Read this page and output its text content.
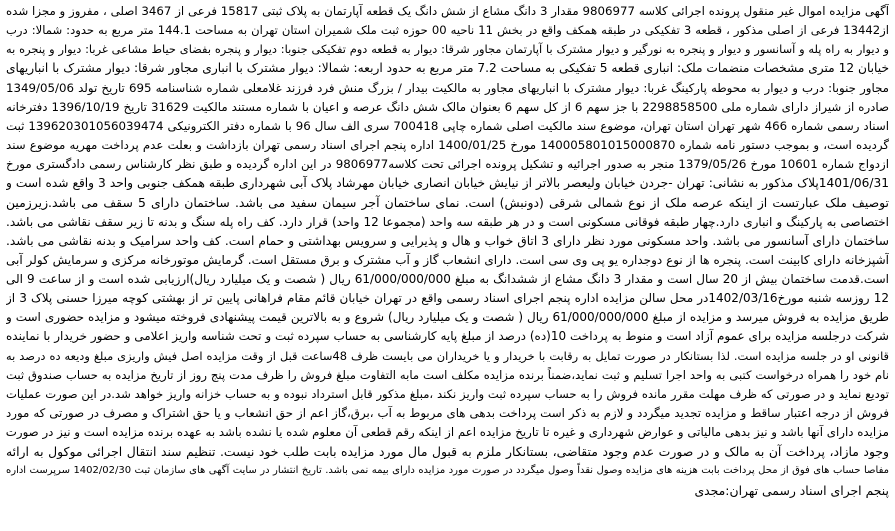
آگهی مزایده اموال غیر منقول پرونده اجرائی کلاسه 9806977 مقدار 3 دانگ مشاع از شش دانگ یک قطعه آپارتمان به پلاک ثبتی 15817 فرعی از 3467 اصلی ، مفروز و مجزا شده
از13442 فرعی از اصلی مذکور ، قطعه 3 تفکیکی در طبقه همکف واقع در بخش 11 ناحیه 00 حوزه ثبت ملک شمیران استان تهران به مساحت 144.1 متر مربع به حدود: شمالا: درب
و دیوار به راه پله و آسانسور و دیوار و پنجره به نورگیر و دیوار مشترک با آپارتمان مجاور شرقا: دیوار به قطعه دوم تفکیکی جنوبا: دیوار و پنجره بفضای حیاط مشاعی غربا: دیوار و پنجره به
خیابان 12 متری مشخصات منضمات ملک: انباری قطعه 5 تفکیکی به مساحت 7.2 متر مربع به حدود اربعه: شمالا: دیوار مشترک با انباری مجاور شرقا: دیوار مشترک با انباریهای
مجاور جنوبا: درب و دیوار به محوطه پارکینگ غربا: دیوار مشترک با انباریهای مجاور به مالکیت بیدار / بزرگ منش فرد فرزند غلامعلی شماره شناسنامه 695 تاریخ تولد 1349/05/06
صادره از شیراز دارای شماره ملی 2298858500 با جز سهم 6 از کل سهم 6 بعنوان مالک شش دانگ عرصه و اعیان با شماره مستند مالکیت 31629 تاریخ 1396/10/19 دفترخانه
اسناد رسمی شماره 466 شهر تهران استان تهران، موضوع سند مالکیت اصلی شماره چاپی 700418 سری الف سال 96 با شماره دفتر الکترونیکی 139620301056039474 ثبت
گردیده است، و بموجب دستور نامه شماره 140005801015000870 مورخ 1400/01/25 اداره پنجم اجرای اسناد رسمی تهران بازداشت و بعلت عدم پرداخت مهریه موضوع سند
ازدواج شماره 10601 مورخ 1379/05/26 منجر به صدور اجرائیه و تشکیل پرونده اجرائی تحت کلاسه9806977 در این اداره گردیده و طبق نظر کارشناس رسمی دادگستری مورخ
1401/06/31پلاک مذکور به نشانی: تهران -جردن خیابان ولیعصر بالاتر از نیایش خیابان انصاری خیابان مهرشاد پلاک آبی شهرداری طبقه همکف جنوبی واحد 3 واقع شده است و
توصیف ملک عبارتست از اینکه عرصه ملک از نوع شمالی شرقی (دونبش) است. نمای ساختمان آجر سیمان سفید می باشد. ساختمان دارای 5 سقف می باشد.زیرزمین
اختصاصی به پارکینگ و انباری دارد.چهار طبقه فوقانی مسکونی است و در هر طبقه سه واحد (مجموعا 12 واحد) قرار دارد. کف راه پله سنگ و بدنه تا زیر سقف نقاشی می باشد.
ساختمان دارای آسانسور می باشد. واحد مسکونی مورد نظر دارای 3 اتاق خواب و هال و پذیرایی و سرویس بهداشتی و حمام است. کف واحد سرامیک و بدنه نقاشی می باشد.
آشپزخانه دارای کابینت است. پنجره ها از نوع دوجداره یو پی وی سی است. دارای انشعاب گاز و آب مشترک و برق مستقل است. گرمایش موتورخانه مرکزی و سرمایش کولر آبی
است.قدمت ساختمان بیش از 20 سال است و مقدار 3 دانگ مشاع از ششدانگ به مبلغ 61/000/000/000 ریال ( شصت و یک میلیارد ریال)ارزیابی شده است و از ساعت 9 الی
12 روزسه شنبه مورخ1402/03/16در محل سالن مزایده اداره پنجم اجرای اسناد رسمی واقع در تهران خیابان قائم مقام فراهانی پایین تر از بهشتی کوچه میرزا حسنی پلاک 3 از
طریق مزایده به فروش میرسد و مزایده از مبلغ 61/000/000/000 ریال ( شصت و یک میلیارد ریال) شروع و به بالاترین قیمت پیشنهادی فروخته میشود و مزایده حضوری است و
شرکت درجلسه مزایده برای عموم آزاد است و منوط به پرداخت 10(ده) درصد از مبلغ پایه کارشناسی به حساب سپرده ثبت و تحت شناسه واریز اعلامی و حضور خریدار با نماینده
قانونی او در جلسه مزایده است. لذا بستانکار در صورت تمایل به رقابت با خریدار و یا خریداران می بایست ظرف 48ساعت قبل از وقت مزایده اصل فیش واریزی مبلغ ودیعه ده درصد به
نام خود را همراه درخواست کتبی به واحد اجرا تسلیم و ثبت نماید،ضمناً برنده مزایده مکلف است مابه التفاوت مبلغ فروش را ظرف مدت پنج روز از تاریخ مزایده به حساب صندوق ثبت
تودیع نماید و در صورتی که ظرف مهلت مقرر مانده فروش را به حساب سپرده ثبت واریز نکند ،مبلغ مذکور قابل استرداد نبوده و به حساب خزانه واریز خواهد شد.در این صورت عملیات
فروش از درجه اعتبار ساقط و مزایده تجدید میگردد و لازم به ذکر است پرداخت بدهی های مربوط به آب ،برق،گاز اعم از حق انشعاب و یا حق اشتراک و مصرف در صورتی که مورد
مزایده دارای آنها باشد و نیز بدهی مالیاتی و عوارض شهرداری و غیره تا تاریخ مزایده اعم از اینکه رقم قطعی آن معلوم شده یا نشده باشد به عهده برنده مزایده است و نیز در صورت
وجود مازاد، پرداخت آن به مالک و در صورت عدم وجود متقاضی، بستانکار ملزم به قبول مال مورد مزایده بابت طلب خود نیست. تنظیم سند انتقال اجرائی موکول به ارائه
مفاصا حساب های فوق از محل پرداخت بابت هزینه های مزایده وصول نقداً وصول میگردد در صورت مورد مزایده دارای بیمه نمی باشد. تاریخ انتشار در سایت آگهی های سازمان ثبت 1402/02/30 سرپرست اداره
پنجم اجرای اسناد رسمی تهران:مجدی
